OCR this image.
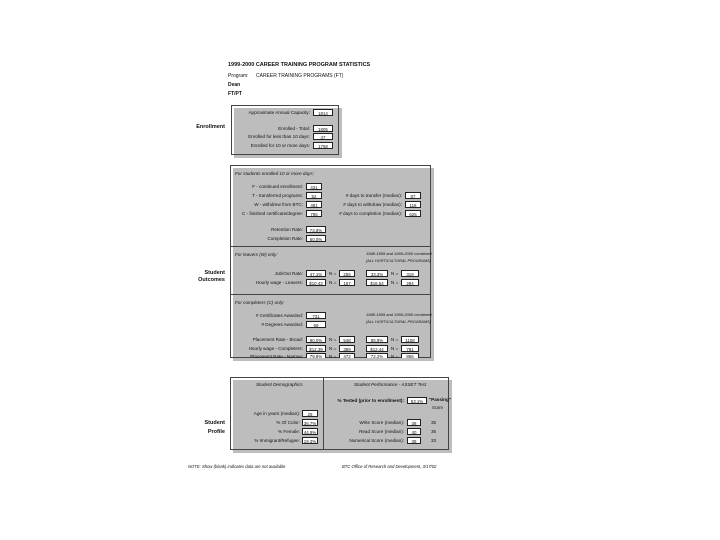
1999-2000 CAREER TRAINING PROGRAM STATISTICS
Program: CAREER TRAINING PROGRAMS (FT)
Dean
FT/PT
Enrollment
Approximate Annual Capacity:	1814
Enrolled - Total:	1805
Enrolled for less than 10 days:	47
Enrolled for 10 or more days:	1758
Student
Outcomes
For students enrolled 10 or more days:
F - continued enrollment:	431
T - transferred programs:	52
W - withdrew from BTC:	481
C - finished certificate/degree:	796
# days to transfer (median):	87
# days to withdraw (median):	116
# days to completion (median):	625
Retention Rate:	73.8%
Completion Rate:	60.0%
For leavers (W) only:	1998-1999 and 1999-2000 combined
(ALL HORTICULTURAL PROGRAMS)
Job/Out Rate:	47.1%	N =	255	33.3%	N =	319
Hourly wage - Leavers:	$10.43	N =	167	$16.54	N =	294
For completers (C) only:
# Certificates Awarded:	731
# Degrees Awarded:	69
1998-1999 and 1999-2000 combined
(ALL HORTICULTURAL PROGRAMS)
Placement Rate - Broad:	90.0%	N =	548	85.9%	N =	1158
Hourly wage - Completers:	$12.39	N =	389	$12.44	N =	781
Placement Rate - Narrow:	79.8%	N =	472	72.2%	N =	865
Student
Profile
Student Demographics	Student Performance - ASSET Test
% Tested (prior to enrollment):	53.1%	"Passing"
Score
Age in years (median):	25
% Of Color: 36.7%
% Female: 44.9%
% Immigrant/Refugee: 19.3%
Write Score (median):	38	35
Read Score (median):	40	35
Numerical Score (median):	38	33
NOTE: Show (blank) indicates data are not available	BTC Office of Research and Development, 3/17/02
